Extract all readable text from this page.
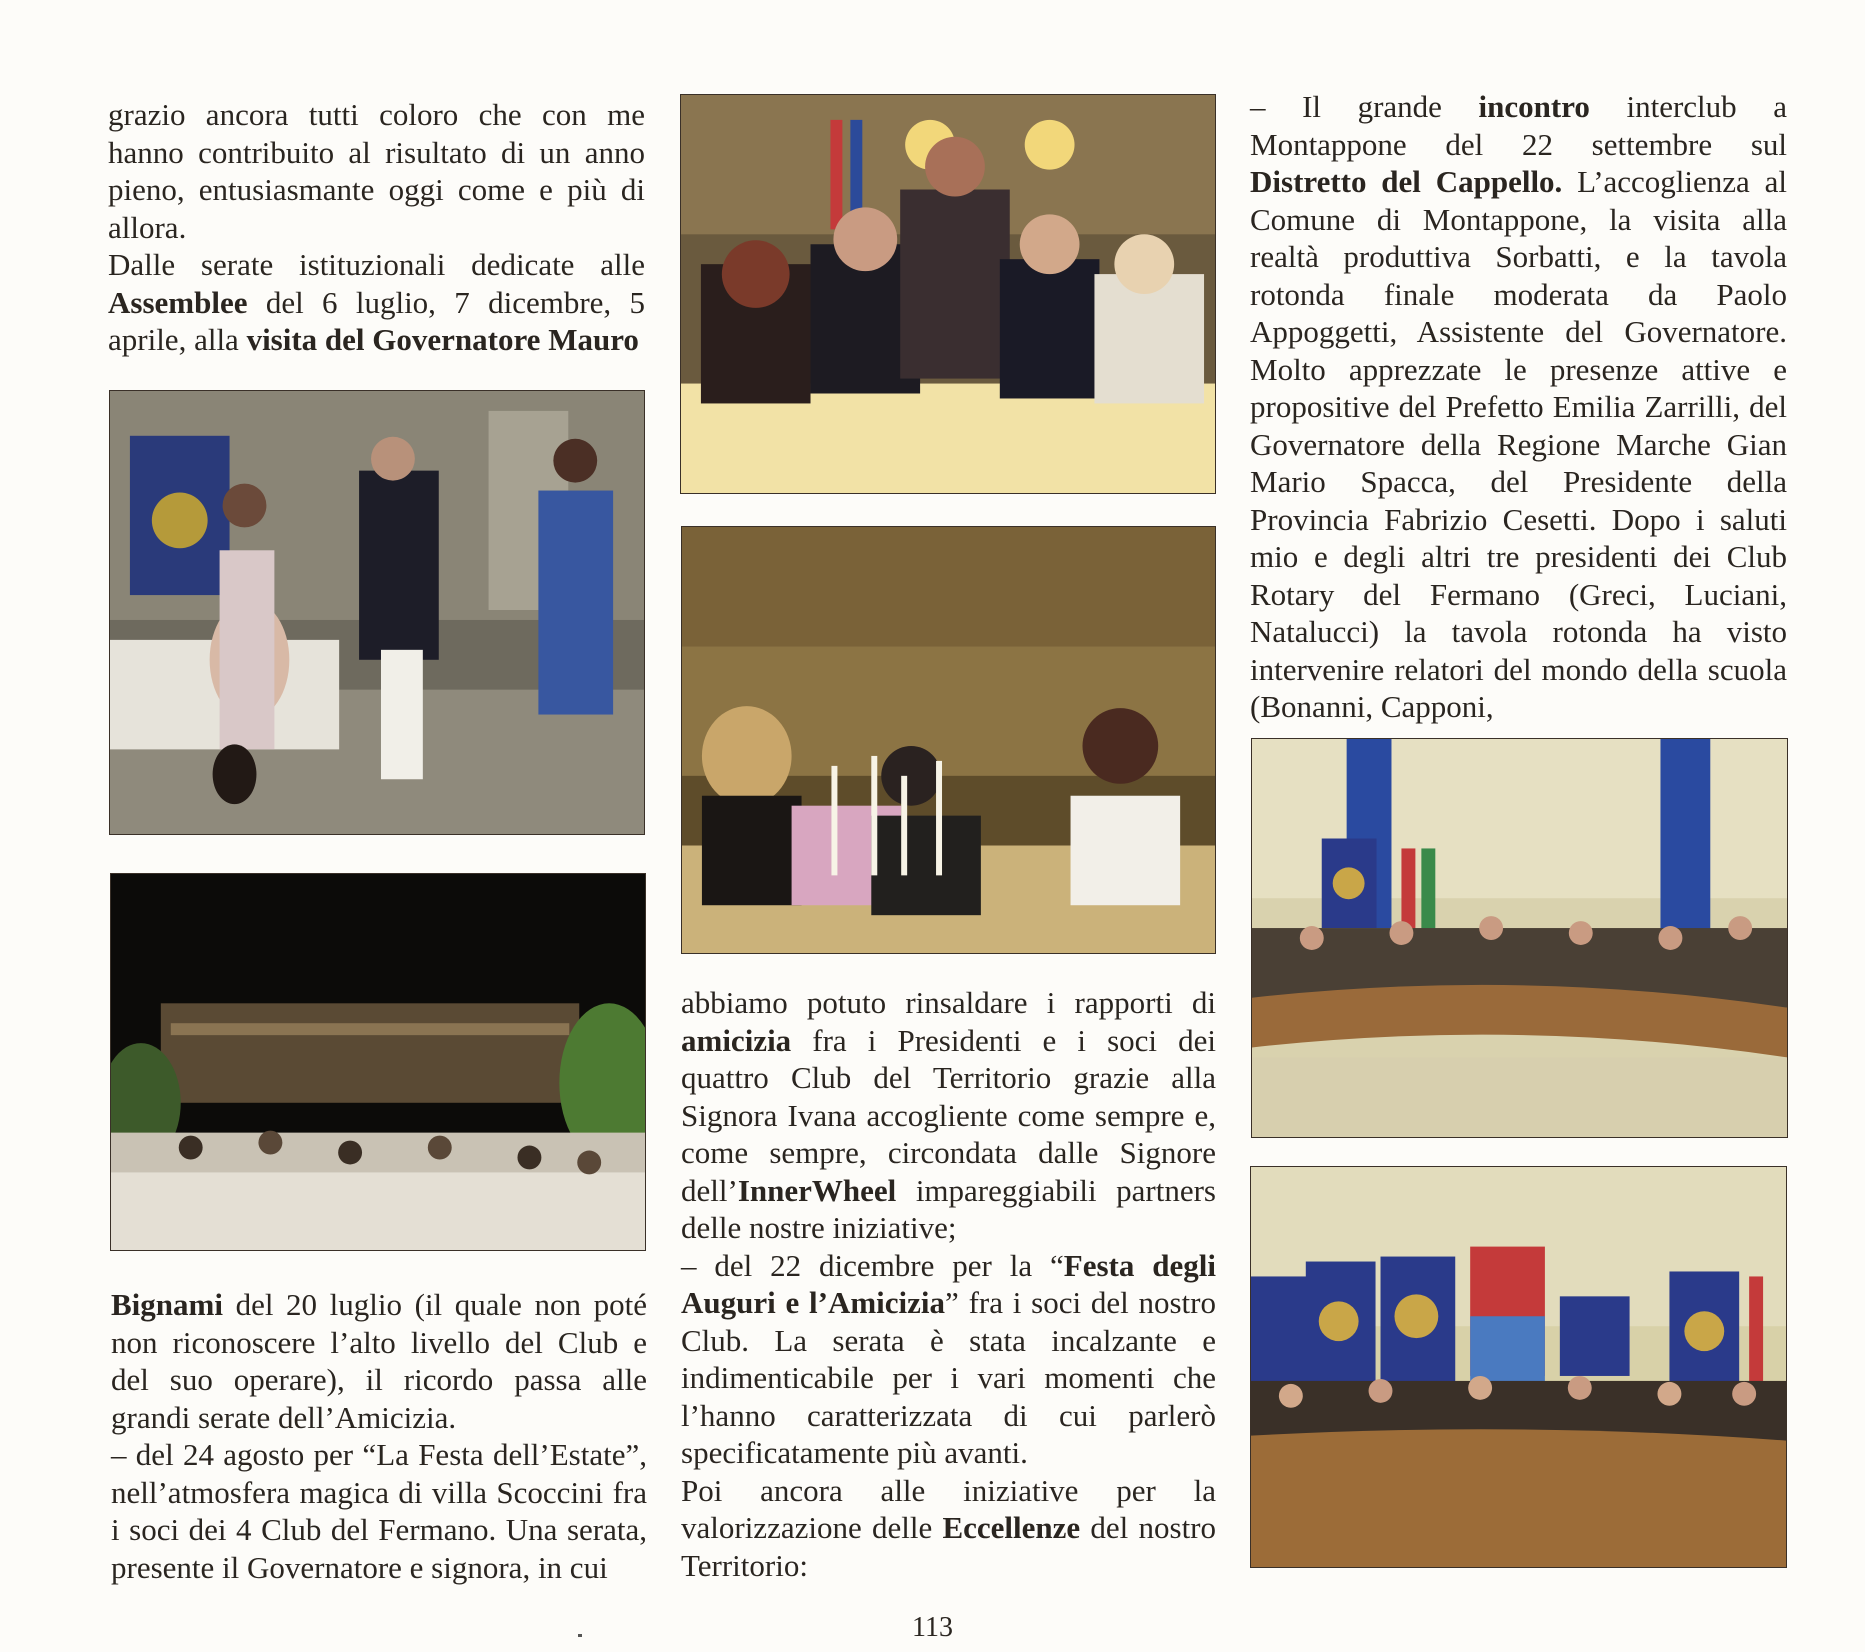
grazio ancora tutti coloro che con me hanno contribuito al risultato di un anno pieno, entusiasmante oggi come e più di allora.

Dalle serate istituzionali dedicate alle Assemblee del 6 luglio, 7 dicembre, 5 aprile, alla visita del Governatore Mauro

Bignami del 20 luglio (il quale non poté non riconoscere l’alto livello del Club e del suo operare), il ricordo passa alle grandi serate dell’Amicizia.

– del 24 agosto per “La Festa dell’Estate”, nell’atmosfera magica di villa Scoccini fra i soci dei 4 Club del Fermano. Una serata, presente il Governatore e signora, in cui

abbiamo potuto rinsaldare i rapporti di amicizia fra i Presidenti e i soci dei quattro Club del Territorio grazie alla Signora Ivana accogliente come sempre e, come sempre, circondata dalle Signore dell’InnerWheel impareggiabili partners delle nostre iniziative;

– del 22 dicembre per la “Festa degli Auguri e l’Amicizia” fra i soci del nostro Club. La serata è stata incalzante e indimenticabile per i vari momenti che l’hanno caratterizzata di cui parlerò specificatamente più avanti.

Poi ancora alle iniziative per la valorizzazione delle Eccellenze del nostro Territorio:

– Il grande incontro interclub a Montappone del 22 settembre sul Distretto del Cappello. L’accoglienza al Comune di Montappone, la visita alla realtà produttiva Sorbatti, e la tavola rotonda finale moderata da Paolo Appoggetti, Assistente del Governatore. Molto apprezzate le presenze attive e propositive del Prefetto Emilia Zarrilli, del Governatore della Regione Marche Gian Mario Spacca, del Presidente della Provincia Fabrizio Cesetti. Dopo i saluti mio e degli altri tre presidenti dei Club Rotary del Fermano (Greci, Luciani, Natalucci) la tavola rotonda ha visto intervenire relatori del mondo della scuola (Bonanni, Capponi,

113
